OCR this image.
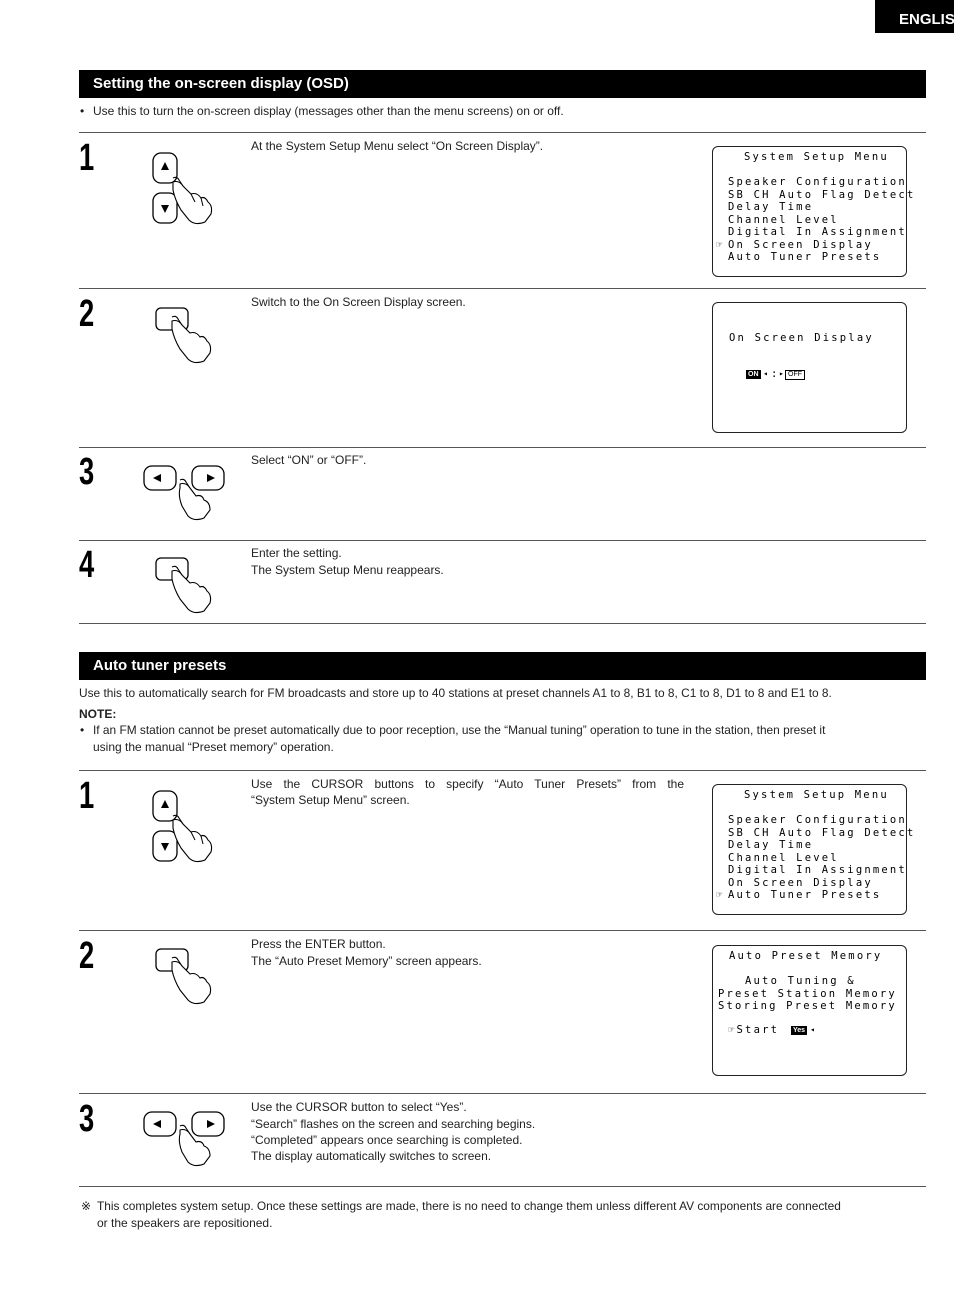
ENGLISH
Setting the on-screen display (OSD)
• Use this to turn the on-screen display (messages other than the menu screens) on or off.
1	At the System Setup Menu select “On Screen Display”.
System Setup Menu
Speaker Configuration
SB CH Auto Flag Detect
Delay Time
Channel Level
Digital In Assignment
☞ On Screen Display
Auto Tuner Presets
2	Switch to the On Screen Display screen.
On Screen Display
ON ◂ : ▸ OFF
3	Select “ON” or “OFF”.
4	Enter the setting.
The System Setup Menu reappears.
Auto tuner presets
Use this to automatically search for FM broadcasts and store up to 40 stations at preset channels A1 to 8, B1 to 8, C1 to 8, D1 to 8 and E1 to 8.
NOTE:
• If an FM station cannot be preset automatically due to poor reception, use the “Manual tuning” operation to tune in the station, then preset it
using the manual “Preset memory” operation.
1	Use the CURSOR buttons to specify “Auto Tuner Presets” from the
“System Setup Menu” screen.	System Setup Menu
Speaker Configuration
SB CH Auto Flag Detect
Delay Time
Channel Level
Digital In Assignment
On Screen Display
☞ Auto Tuner Presets
2	Press the ENTER button.
The “Auto Preset Memory” screen appears.	Auto Preset Memory
Auto Tuning &
Preset Station Memory
Storing Preset Memory
☞Start Yes ◂
3	Use the CURSOR button to select “Yes”.
“Search” flashes on the screen and searching begins.
“Completed” appears once searching is completed.
The display automatically switches to screen.
※ This completes system setup. Once these settings are made, there is no need to change them unless different AV components are connected
or the speakers are repositioned.
